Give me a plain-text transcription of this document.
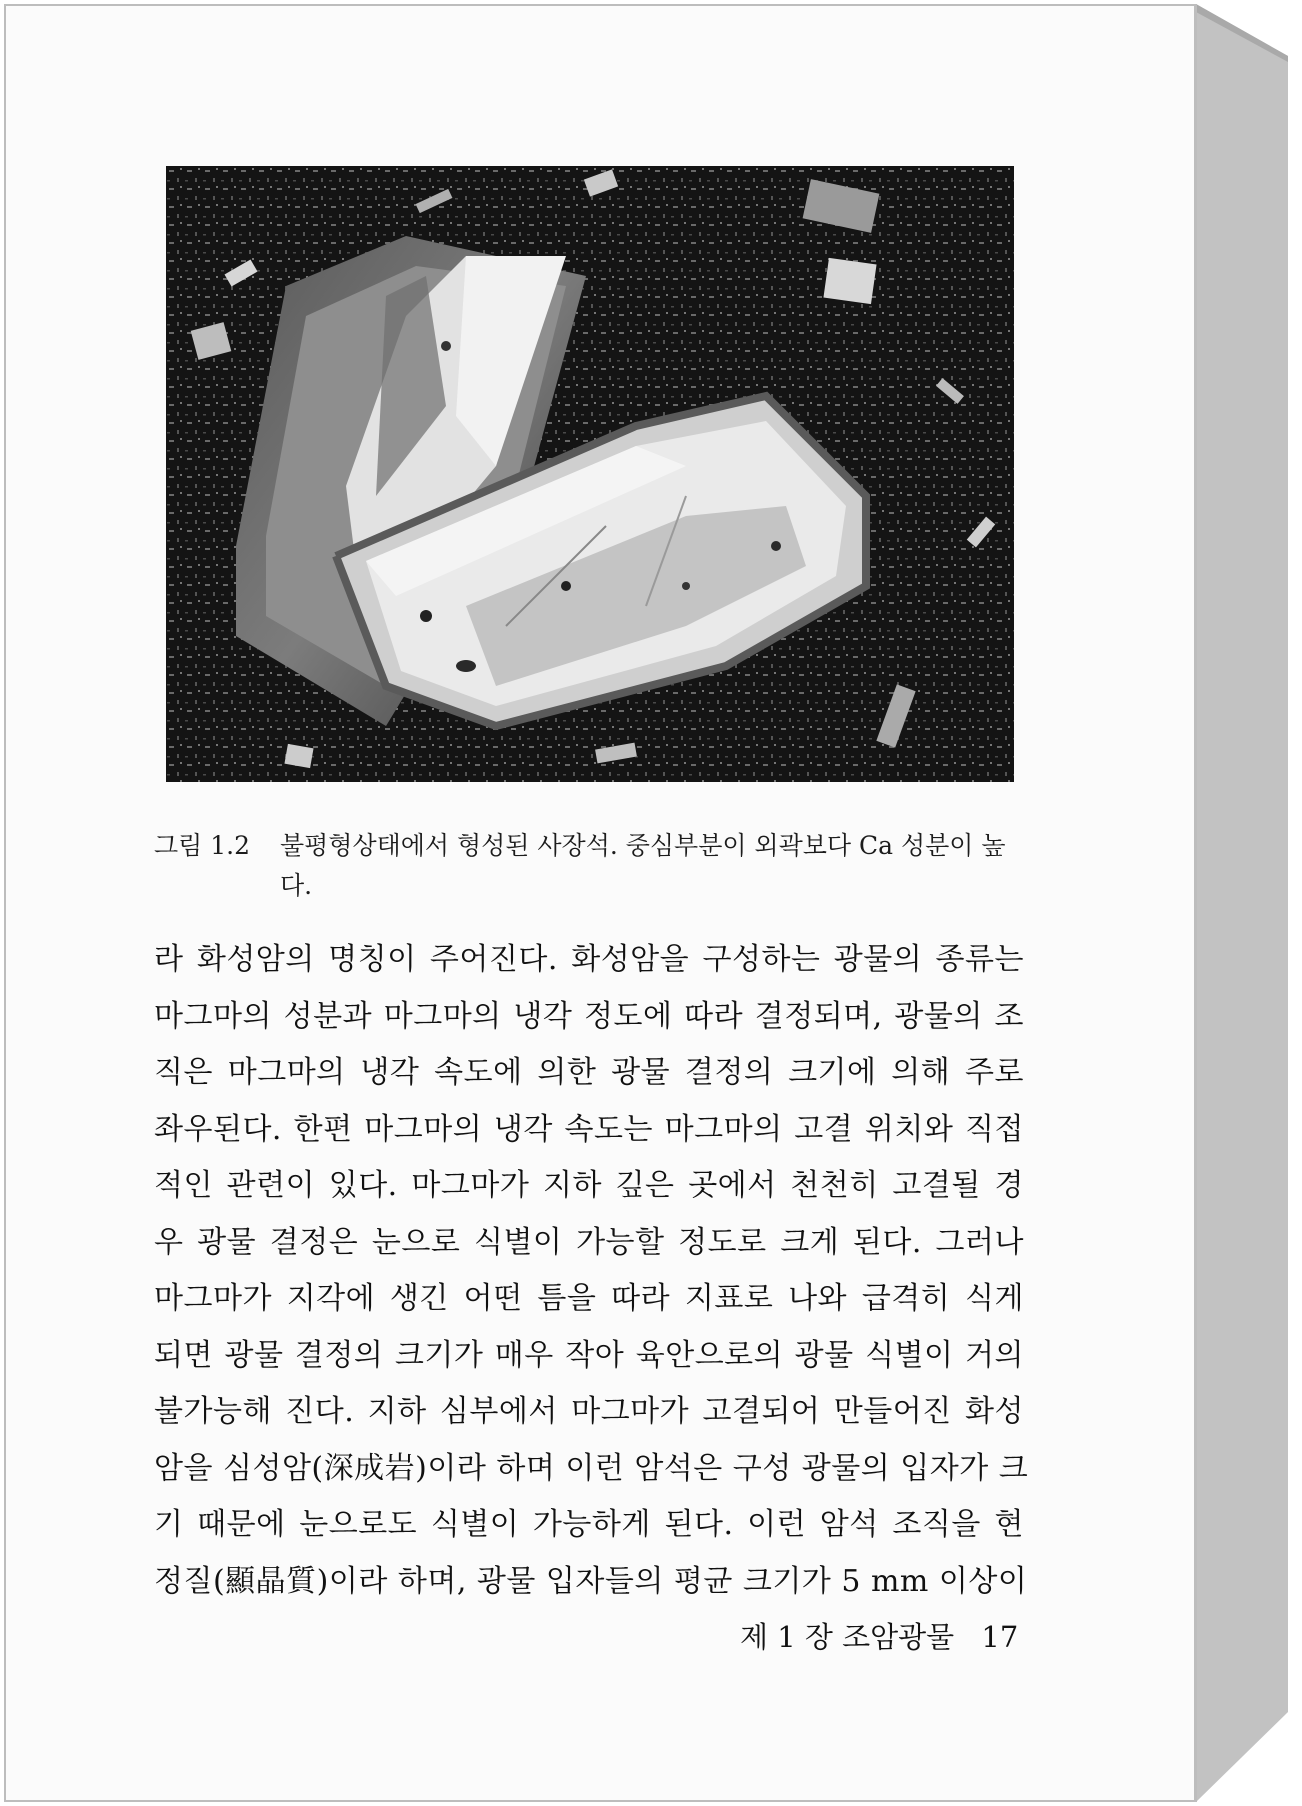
그림 1.2 불평형상태에서 형성된 사장석. 중심부분이 외곽보다 Ca 성분이 높다.
라 화성암의 명칭이 주어진다. 화성암을 구성하는 광물의 종류는
마그마의 성분과 마그마의 냉각 정도에 따라 결정되며, 광물의 조
직은 마그마의 냉각 속도에 의한 광물 결정의 크기에 의해 주로
좌우된다. 한편 마그마의 냉각 속도는 마그마의 고결 위치와 직접
적인 관련이 있다. 마그마가 지하 깊은 곳에서 천천히 고결될 경
우 광물 결정은 눈으로 식별이 가능할 정도로 크게 된다. 그러나
마그마가 지각에 생긴 어떤 틈을 따라 지표로 나와 급격히 식게
되면 광물 결정의 크기가 매우 작아 육안으로의 광물 식별이 거의
불가능해 진다. 지하 심부에서 마그마가 고결되어 만들어진 화성
암을 심성암(深成岩)이라 하며 이런 암석은 구성 광물의 입자가 크
기 때문에 눈으로도 식별이 가능하게 된다. 이런 암석 조직을 현
정질(顯晶質)이라 하며, 광물 입자들의 평균 크기가 5 mm 이상이
제 1 장 조암광물 17
